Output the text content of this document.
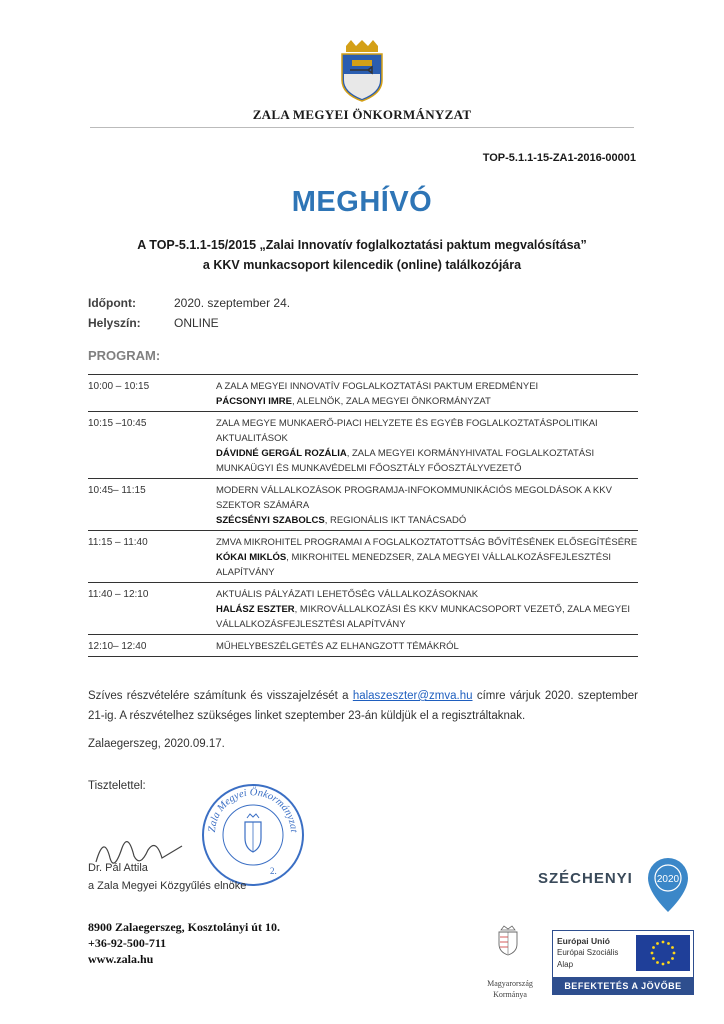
ZALA MEGYEI ÖNKORMÁNYZAT
TOP-5.1.1-15-ZA1-2016-00001
MEGHÍVÓ
A TOP-5.1.1-15/2015 „Zalai Innovatív foglalkoztatási paktum megvalósítása”
a KKV munkacsoport kilencedik (online) találkozójára
Időpont:	2020. szeptember 24.
Helyszín:	ONLINE
PROGRAM:
10:00 – 10:15	A ZALA MEGYEI INNOVATÍV FOGLALKOZTATÁSI PAKTUM EREDMÉNYEI
PÁCSONYI IMRE, ALELNÖK, ZALA MEGYEI ÖNKORMÁNYZAT
10:15 –10:45	ZALA MEGYE MUNKAERŐ-PIACI HELYZETE ÉS EGYÉB FOGLALKOZTATÁSPOLITIKAI AKTUALITÁSOK
DÁVIDNÉ GERGÁL ROZÁLIA, ZALA MEGYEI KORMÁNYHIVATAL FOGLALKOZTATÁSI MUNKAÜGYI ÉS MUNKAVÉDELMI FŐOSZTÁLY FŐOSZTÁLYVEZETŐ
10:45– 11:15	MODERN VÁLLALKOZÁSOK PROGRAMJA-INFOKOMMUNIKÁCIÓS MEGOLDÁSOK A KKV SZEKTOR SZÁMÁRA
SZÉCSÉNYI SZABOLCS, REGIONÁLIS IKT TANÁCSADÓ
11:15 – 11:40	ZMVA MIKROHITEL PROGRAMAI A FOGLALKOZTATOTTSÁG BŐVÍTÉSÉNEK ELŐSEGÍTÉSÉRE
KÓKAI MIKLÓS, MIKROHITEL MENEDZSER, ZALA MEGYEI VÁLLALKOZÁSFEJLESZTÉSI ALAPÍTVÁNY
11:40 – 12:10	AKTUÁLIS PÁLYÁZATI LEHETŐSÉG VÁLLALKOZÁSOKNAK
HALÁSZ ESZTER, MIKROVÁLLALKOZÁSI ÉS KKV MUNKACSOPORT VEZETŐ, ZALA MEGYEI VÁLLALKOZÁSFEJLESZTÉSI ALAPÍTVÁNY
12:10– 12:40	MŰHELYBESZÉLGETÉS AZ ELHANGZOTT TÉMÁKRÓL
Szíves részvételére számítunk és visszajelzését a halaszeszter@zmva.hu címre várjuk 2020. szeptember 21-ig. A részvételhez szükséges linket szeptember 23-án küldjük el a regisztráltaknak.
Zalaegerszeg, 2020.09.17.
Tisztelettel:
Zala Megyei Önkormányzat
2.
Dr. Pál Attila
a Zala Megyei Közgyűlés elnöke
8900 Zalaegerszeg, Kosztolányi út 10.
+36-92-500-711
www.zala.hu
SZÉCHENYI 2020
Magyarország
Kormánya
Európai Unió
Európai Szociális
Alap
BEFEKTETÉS A JÖVŐBE
